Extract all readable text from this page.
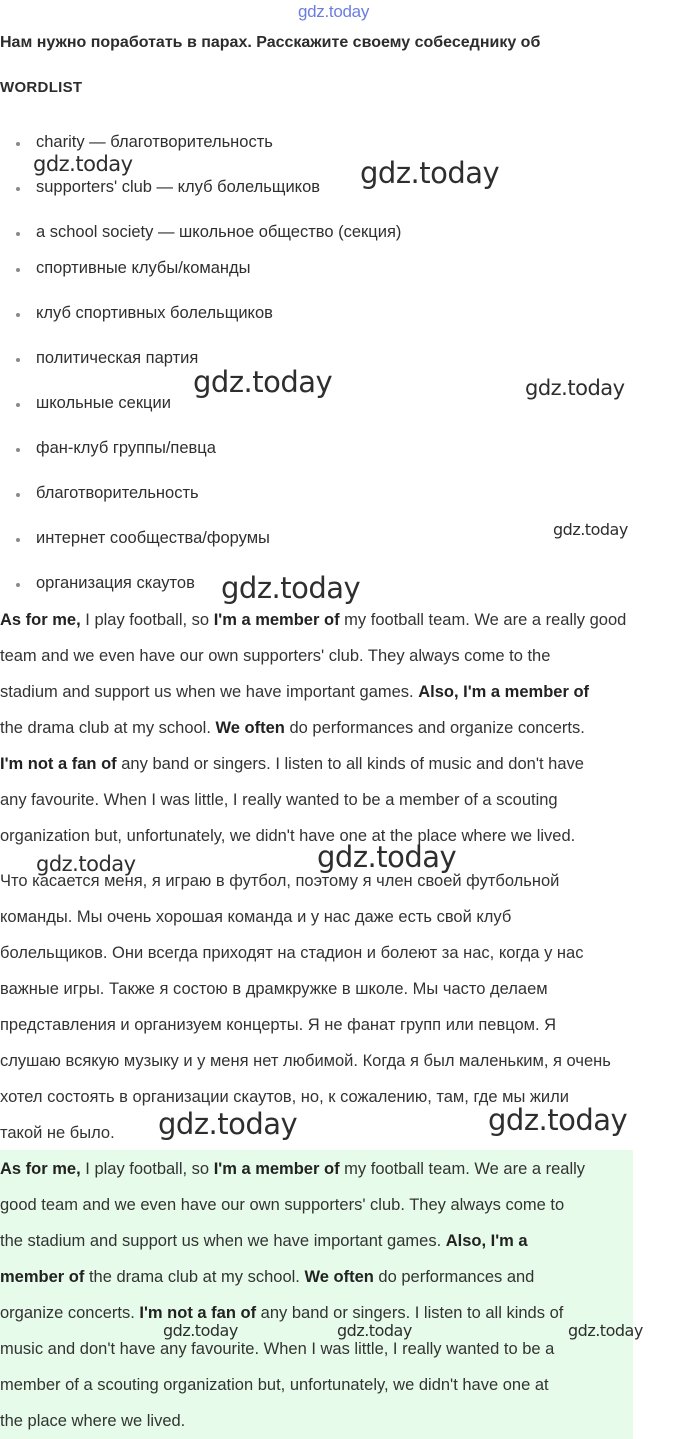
gdz.today
Нам нужно поработать в парах. Расскажите своему собеседнику об
WORDLIST
charity — благотворительность
supporters' club — клуб болельщиков
a school society — школьное общество (секция)
спортивные клубы/команды
клуб спортивных болельщиков
политическая партия
школьные секции
фан-клуб группы/певца
благотворительность
интернет сообщества/форумы
организация скаутов
As for me, I play football, so I'm a member of my football team. We are a really good
team and we even have our own supporters' club. They always come to the
stadium and support us when we have important games. Also, I'm a member of
the drama club at my school. We often do performances and organize concerts.
I'm not a fan of any band or singers. I listen to all kinds of music and don't have
any favourite. When I was little, I really wanted to be a member of a scouting
organization but, unfortunately, we didn't have one at the place where we lived.
Что касается меня, я играю в футбол, поэтому я член своей футбольной
команды. Мы очень хорошая команда и у нас даже есть свой клуб
болельщиков. Они всегда приходят на стадион и болеют за нас, когда у нас
важные игры. Также я состою в драмкружке в школе. Мы часто делаем
представления и организуем концерты. Я не фанат групп или певцом. Я
слушаю всякую музыку и у меня нет любимой. Когда я был маленьким, я очень
хотел состоять в организации скаутов, но, к сожалению, там, где мы жили
такой не было.
As for me, I play football, so I'm a member of my football team. We are a really
good team and we even have our own supporters' club. They always come to
the stadium and support us when we have important games. Also, I'm a
member of the drama club at my school. We often do performances and
organize concerts. I'm not a fan of any band or singers. I listen to all kinds of
music and don't have any favourite. When I was little, I really wanted to be a
member of a scouting organization but, unfortunately, we didn't have one at
the place where we lived.
gdz.today	gdz.today
gdz.today	gdz.today
gdz.today
gdz.today
gdz.today	gdz.today
gdz.today	gdz.today
gdz.today	gdz.today	gdz.today
